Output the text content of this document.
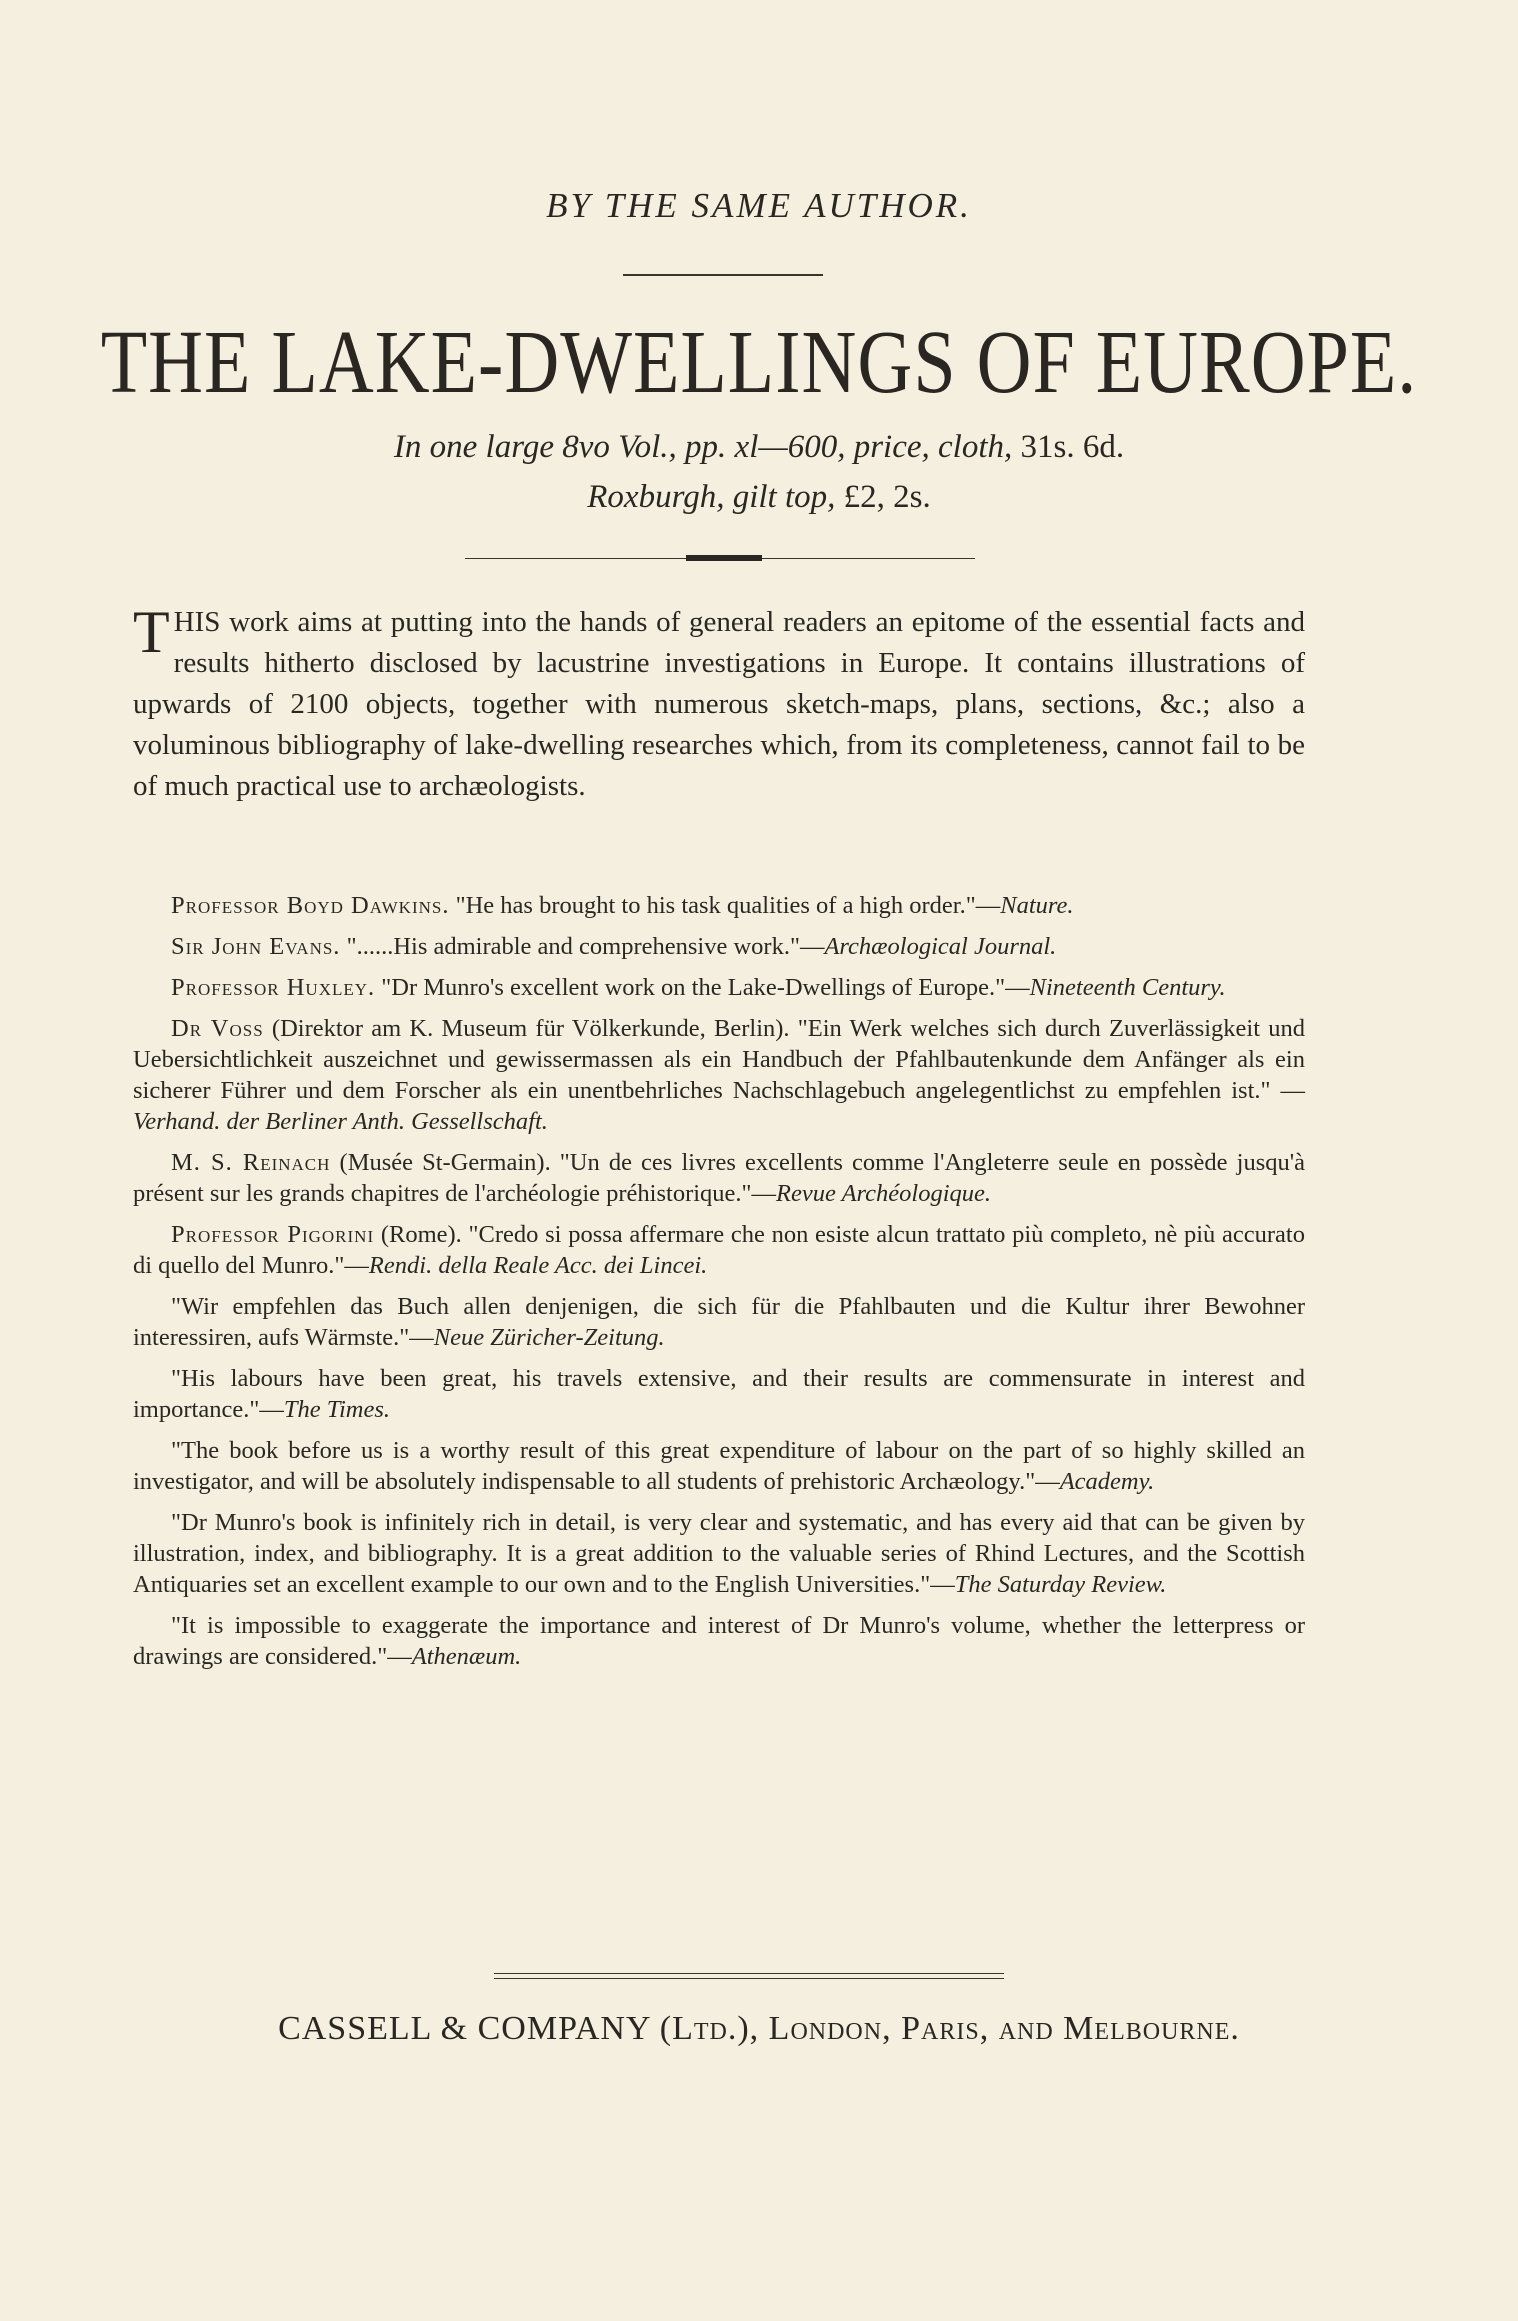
BY THE SAME AUTHOR.
THE LAKE-DWELLINGS OF EUROPE.
In one large 8vo Vol., pp. xl—600, price, cloth, 31s. 6d.
Roxburgh, gilt top, £2, 2s.
THIS work aims at putting into the hands of general readers an epitome of the essential facts and results hitherto disclosed by lacustrine investigations in Europe. It contains illustrations of upwards of 2100 objects, together with numerous sketch-maps, plans, sections, &c.; also a voluminous bibliography of lake-dwelling researches which, from its completeness, cannot fail to be of much practical use to archæologists.

Professor Boyd Dawkins. "He has brought to his task qualities of a high order."—Nature.

Sir John Evans. "......His admirable and comprehensive work."—Archæological Journal.

Professor Huxley. "Dr Munro's excellent work on the Lake-Dwellings of Europe."—Nineteenth Century.

Dr Voss (Direktor am K. Museum für Völkerkunde, Berlin). "Ein Werk welches sich durch Zuverlässigkeit und Uebersichtlichkeit auszeichnet und gewissermassen als ein Handbuch der Pfahlbautenkunde dem Anfänger als ein sicherer Führer und dem Forscher als ein unentbehrliches Nachschlagebuch angelegentlichst zu empfehlen ist." —Verhand. der Berliner Anth. Gessellschaft.

M. S. Reinach (Musée St-Germain). "Un de ces livres excellents comme l'Angleterre seule en possède jusqu'à présent sur les grands chapitres de l'archéologie préhistorique."—Revue Archéologique.

Professor Pigorini (Rome). "Credo si possa affermare che non esiste alcun trattato più completo, nè più accurato di quello del Munro."—Rendi. della Reale Acc. dei Lincei.

"Wir empfehlen das Buch allen denjenigen, die sich für die Pfahlbauten und die Kultur ihrer Bewohner interessiren, aufs Wärmste."—Neue Züricher-Zeitung.

"His labours have been great, his travels extensive, and their results are commensurate in interest and importance."—The Times.

"The book before us is a worthy result of this great expenditure of labour on the part of so highly skilled an investigator, and will be absolutely indispensable to all students of prehistoric Archæology."—Academy.

"Dr Munro's book is infinitely rich in detail, is very clear and systematic, and has every aid that can be given by illustration, index, and bibliography. It is a great addition to the valuable series of Rhind Lectures, and the Scottish Antiquaries set an excellent example to our own and to the English Universities."—The Saturday Review.

"It is impossible to exaggerate the importance and interest of Dr Munro's volume, whether the letterpress or drawings are considered."—Athenæum.

CASSELL & COMPANY (Ltd.), London, Paris, and Melbourne.
